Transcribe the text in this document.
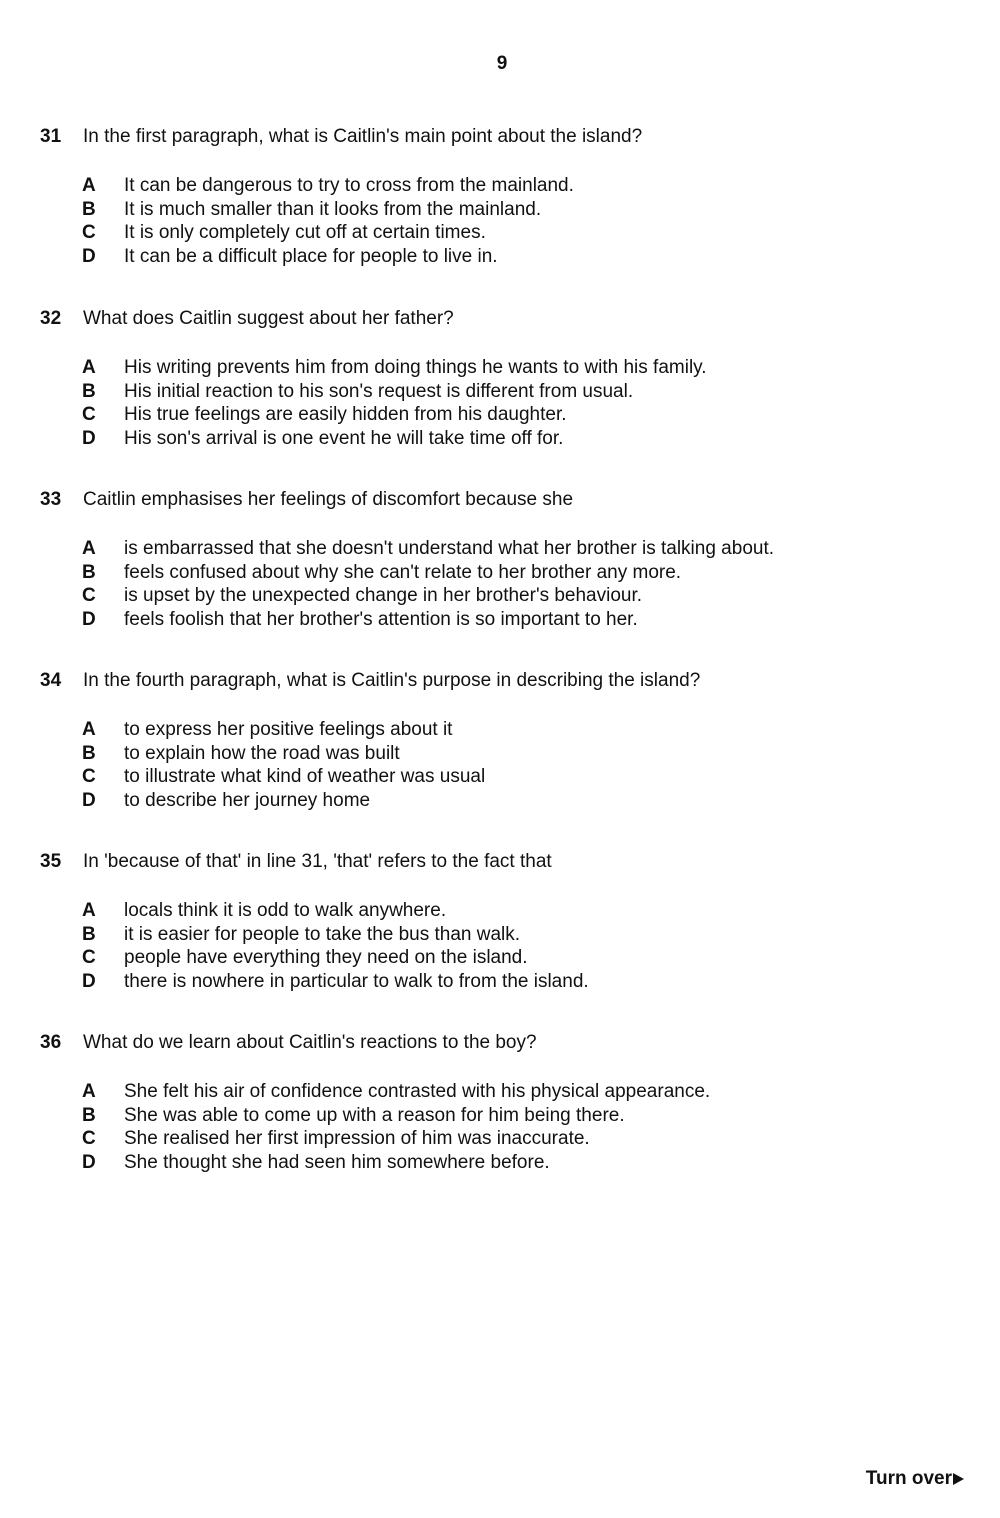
9
31	In the first paragraph, what is Caitlin's main point about the island?
A	It can be dangerous to try to cross from the mainland.
B	It is much smaller than it looks from the mainland.
C	It is only completely cut off at certain times.
D	It can be a difficult place for people to live in.
32	What does Caitlin suggest about her father?
A	His writing prevents him from doing things he wants to with his family.
B	His initial reaction to his son's request is different from usual.
C	His true feelings are easily hidden from his daughter.
D	His son's arrival is one event he will take time off for.
33	Caitlin emphasises her feelings of discomfort because she
A	is embarrassed that she doesn't understand what her brother is talking about.
B	feels confused about why she can't relate to her brother any more.
C	is upset by the unexpected change in her brother's behaviour.
D	feels foolish that her brother's attention is so important to her.
34	In the fourth paragraph, what is Caitlin's purpose in describing the island?
A	to express her positive feelings about it
B	to explain how the road was built
C	to illustrate what kind of weather was usual
D	to describe her journey home
35	In 'because of that' in line 31, 'that' refers to the fact that
A	locals think it is odd to walk anywhere.
B	it is easier for people to take the bus than walk.
C	people have everything they need on the island.
D	there is nowhere in particular to walk to from the island.
36	What do we learn about Caitlin's reactions to the boy?
A	She felt his air of confidence contrasted with his physical appearance.
B	She was able to come up with a reason for him being there.
C	She realised her first impression of him was inaccurate.
D	She thought she had seen him somewhere before.
Turn over
